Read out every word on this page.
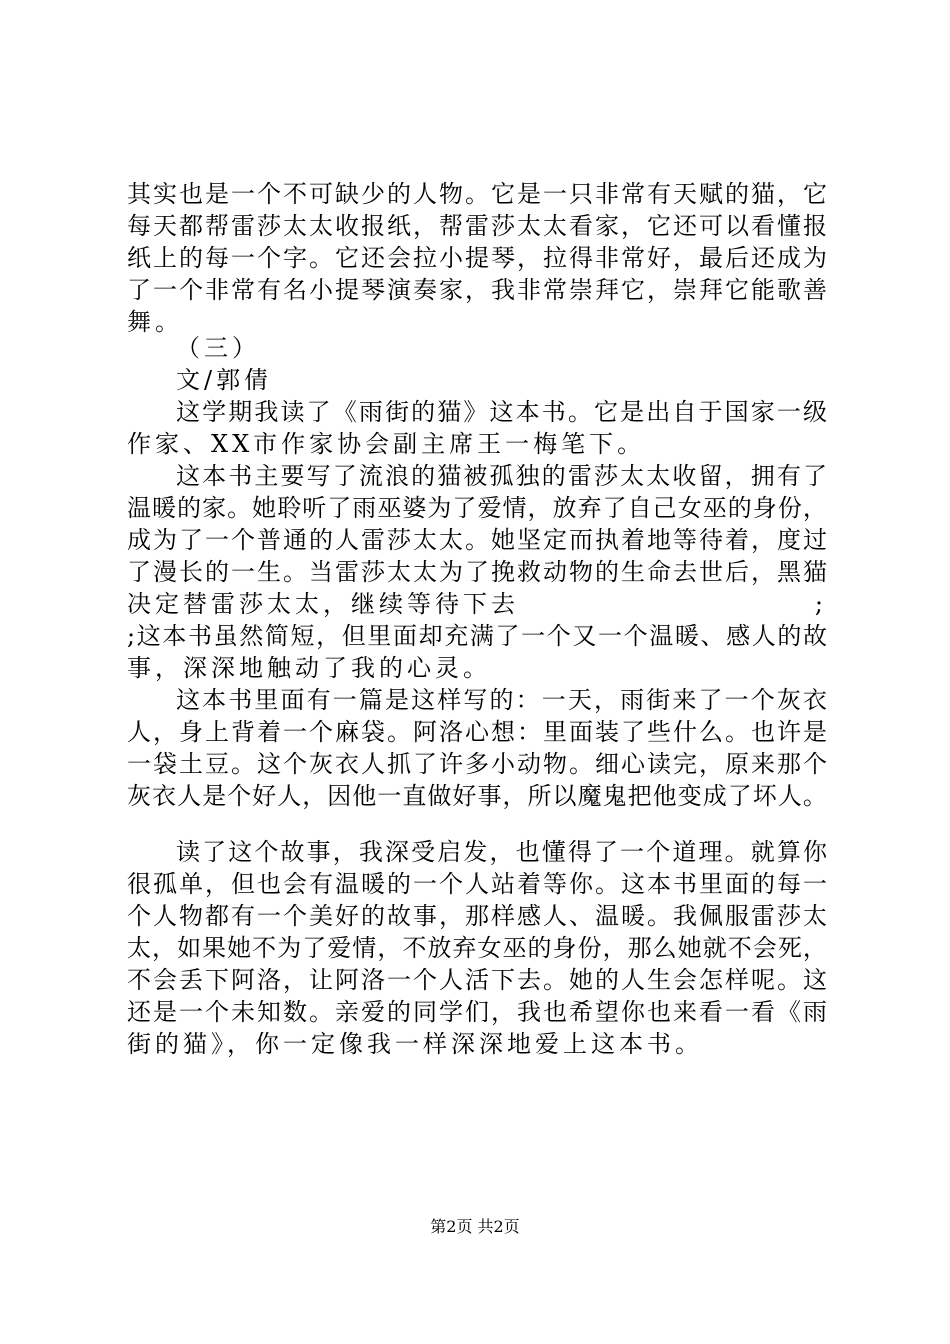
其 实 也 是 一 个 不 可 缺 少 的 人 物 。 它 是 一 只 非 常 有 天 赋 的 猫 ， 它
每 天 都 帮 雷 莎 太 太 收 报 纸 ， 帮 雷 莎 太 太 看 家 ， 它 还 可 以 看 懂 报
纸 上 的 每 一 个 字 。 它 还 会 拉 小 提 琴 ， 拉 得 非 常 好 ， 最 后 还 成 为
了 一 个 非 常 有 名 小 提 琴 演 奏 家 ， 我 非 常 崇 拜 它 ， 崇 拜 它 能 歌 善
舞。
（三）
文/郭倩
这 学 期 我 读 了 《 雨 街 的 猫 》 这 本 书 。 它 是 出 自 于 国 家 一 级
作家、XX市作家协会副主席王一梅笔下。
这 本 书 主 要 写 了 流 浪 的 猫 被 孤 独 的 雷 莎 太 太 收 留 ， 拥 有 了
温 暖 的 家 。 她 聆 听 了 雨 巫 婆 为 了 爱 情 ， 放 弃 了 自 己 女 巫 的 身 份 ，
成 为 了 一 个 普 通 的 人 雷 莎 太 太 。 她 坚 定 而 执 着 地 等 待 着 ， 度 过
了 漫 长 的 一 生 。 当 雷 莎 太 太 为 了 挽 救 动 物 的 生 命 去 世 后 ， 黑 猫
决 定 替 雷 莎 太 太 ， 继 续 等 待 下 去	;
; 这 本 书 虽 然 简 短 ， 但 里 面 却 充 满 了 一 个 又 一 个 温 暖 、 感 人 的 故
事，深深地触动了我的心灵。
这 本 书 里 面 有 一 篇 是 这 样 写 的 ： 一 天 ， 雨 街 来 了 一 个 灰 衣
人 ， 身 上 背 着 一 个 麻 袋 。 阿 洛 心 想 ： 里 面 装 了 些 什 么 。 也 许 是
一 袋 土 豆 。 这 个 灰 衣 人 抓 了 许 多 小 动 物 。 细 心 读 完 ， 原 来 那 个
灰 衣 人 是 个 好 人 ， 因 他 一 直 做 好 事 ， 所 以 魔 鬼 把 他 变 成 了 坏 人 。
读 了 这 个 故 事 ， 我 深 受 启 发 ， 也 懂 得 了 一 个 道 理 。 就 算 你
很 孤 单 ， 但 也 会 有 温 暖 的 一 个 人 站 着 等 你 。 这 本 书 里 面 的 每 一
个 人 物 都 有 一 个 美 好 的 故 事 ， 那 样 感 人 、 温 暖 。 我 佩 服 雷 莎 太
太 ， 如 果 她 不 为 了 爱 情 ， 不 放 弃 女 巫 的 身 份 ， 那 么 她 就 不 会 死 ，
不 会 丢 下 阿 洛 ， 让 阿 洛 一 个 人 活 下 去 。 她 的 人 生 会 怎 样 呢 。 这
还 是 一 个 未 知 数 。 亲 爱 的 同 学 们 ， 我 也 希 望 你 也 来 看 一 看 《 雨
街的猫》，你一定像我一样深深地爱上这本书。
第2页 共2页
